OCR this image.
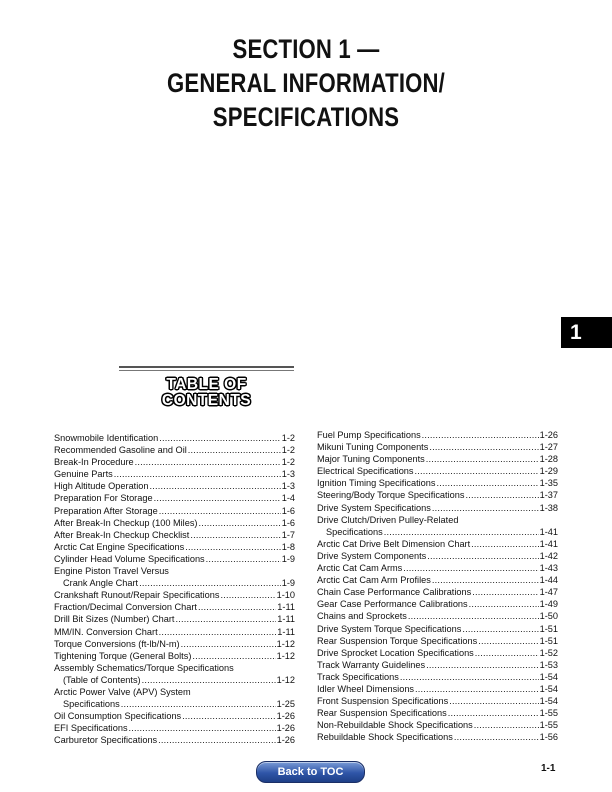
SECTION 1 —
GENERAL INFORMATION/
SPECIFICATIONS
1
TABLE OF
CONTENTS
Snowmobile Identification .....	1-2
Recommended Gasoline and Oil .....	1-2
Break-In Procedure .....	1-2
Genuine Parts .....	1-3
High Altitude Operation .....	1-3
Preparation For Storage .....	1-4
Preparation After Storage .....	1-6
After Break-In Checkup (100 Miles) .....	1-6
After Break-In Checkup Checklist .....	1-7
Arctic Cat Engine Specifications .....	1-8
Cylinder Head Volume Specifications .....	1-9
Engine Piston Travel Versus
Crank Angle Chart .....	1-9
Crankshaft Runout/Repair Specifications .....	1-10
Fraction/Decimal Conversion Chart .....	1-11
Drill Bit Sizes (Number) Chart .....	1-11
MM/IN. Conversion Chart .....	1-11
Torque Conversions (ft-lb/N-m) .....	1-12
Tightening Torque (General Bolts) .....	1-12
Assembly Schematics/Torque Specifications
(Table of Contents) .....	1-12
Arctic Power Valve (APV) System
Specifications .....	1-25
Oil Consumption Specifications .....	1-26
EFI Specifications .....	1-26
Carburetor Specifications .....	1-26
Fuel Pump Specifications .....	1-26
Mikuni Tuning Components .....	1-27
Major Tuning Components .....	1-28
Electrical Specifications .....	1-29
Ignition Timing Specifications .....	1-35
Steering/Body Torque Specifications .....	1-37
Drive System Specifications .....	1-38
Drive Clutch/Driven Pulley-Related
Specifications .....	1-41
Arctic Cat Drive Belt Dimension Chart .....	1-41
Drive System Components .....	1-42
Arctic Cat Cam Arms .....	1-43
Arctic Cat Cam Arm Profiles .....	1-44
Chain Case Performance Calibrations .....	1-47
Gear Case Performance Calibrations .....	1-49
Chains and Sprockets .....	1-50
Drive System Torque Specifications .....	1-51
Rear Suspension Torque Specifications .....	1-51
Drive Sprocket Location Specifications .....	1-52
Track Warranty Guidelines .....	1-53
Track Specifications .....	1-54
Idler Wheel Dimensions .....	1-54
Front Suspension Specifications .....	1-54
Rear Suspension Specifications .....	1-55
Non-Rebuildable Shock Specifications .....	1-55
Rebuildable Shock Specifications .....	1-56
Back to TOC	1-1
